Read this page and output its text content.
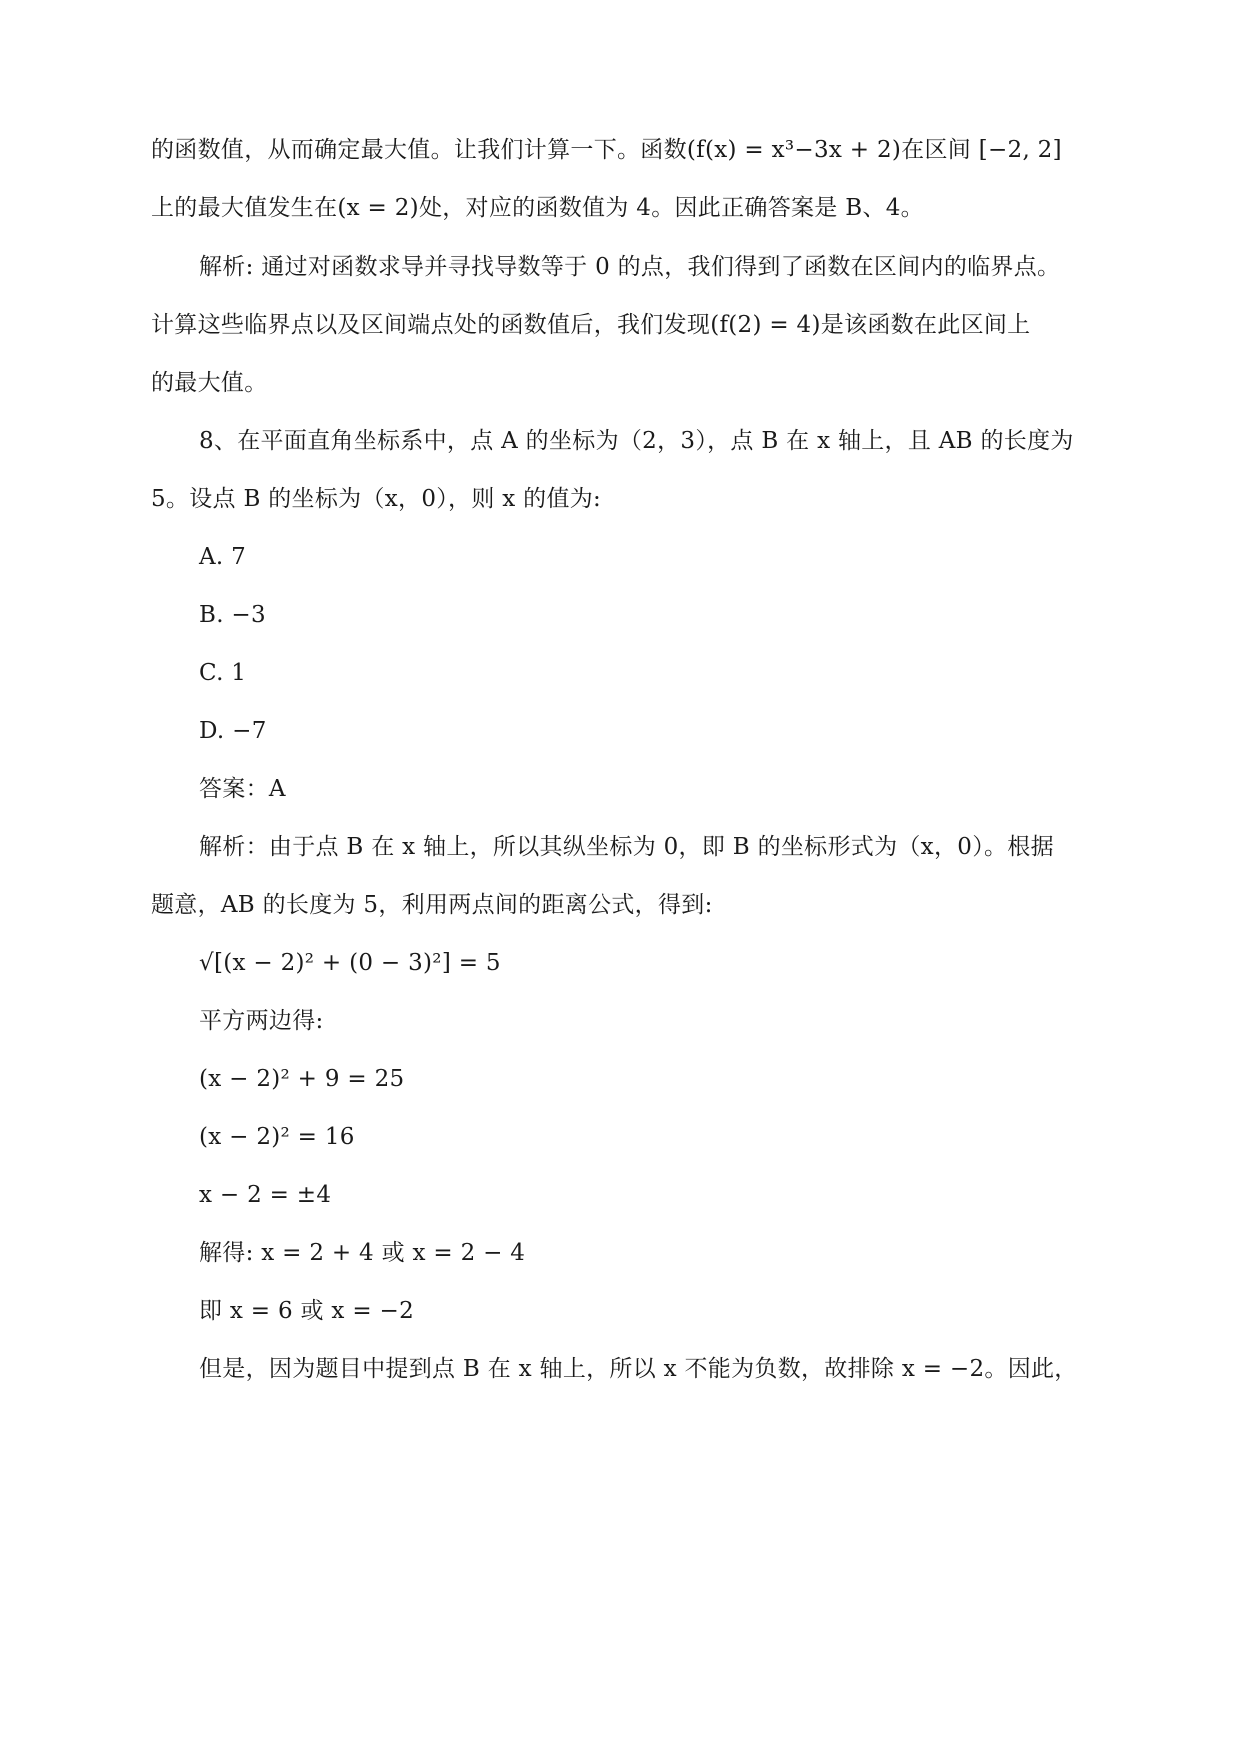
的函数值，从而确定最大值。让我们计算一下。函数(f(x) = x³−3x + 2)在区间 [−2, 2]
上的最大值发生在(x = 2)处，对应的函数值为 4。因此正确答案是 B、4。
解析: 通过对函数求导并寻找导数等于 0 的点，我们得到了函数在区间内的临界点。
计算这些临界点以及区间端点处的函数值后，我们发现(f(2) = 4)是该函数在此区间上
的最大值。
8、在平面直角坐标系中，点 A 的坐标为（2，3），点 B 在 x 轴上，且 AB 的长度为
5。设点 B 的坐标为（x，0），则 x 的值为:
A. 7
B. −3
C. 1
D. −7
答案：A
解析：由于点 B 在 x 轴上，所以其纵坐标为 0，即 B 的坐标形式为（x，0）。根据
题意，AB 的长度为 5，利用两点间的距离公式，得到:
√[(x − 2)² + (0 − 3)²] = 5
平方两边得:
(x − 2)² + 9 = 25
(x − 2)² = 16
x − 2 = ±4
解得: x = 2 + 4 或 x = 2 − 4
即 x = 6 或 x = −2
但是，因为题目中提到点 B 在 x 轴上，所以 x 不能为负数，故排除 x = −2。因此，
